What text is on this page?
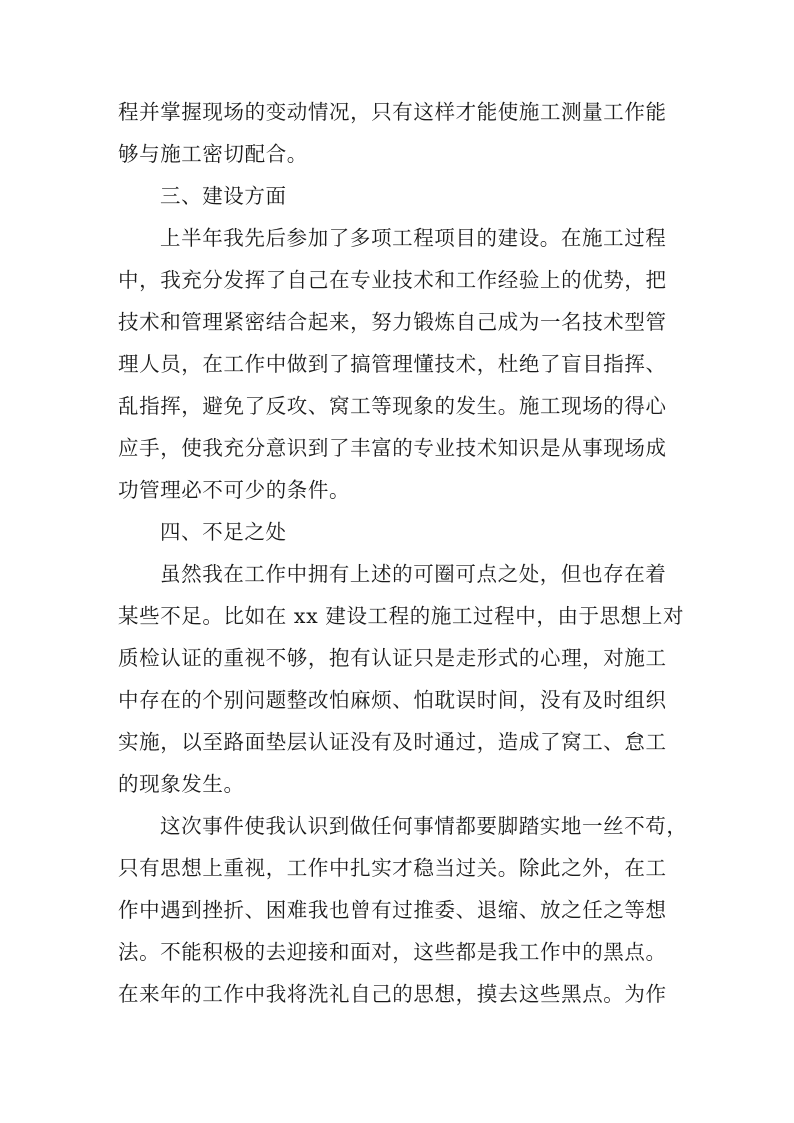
程并掌握现场的变动情况，只有这样才能使施工测量工作能
够与施工密切配合。
三、建设方面
上半年我先后参加了多项工程项目的建设。在施工过程
中，我充分发挥了自己在专业技术和工作经验上的优势，把
技术和管理紧密结合起来，努力锻炼自己成为一名技术型管
理人员，在工作中做到了搞管理懂技术，杜绝了盲目指挥、
乱指挥，避免了反攻、窝工等现象的发生。施工现场的得心
应手，使我充分意识到了丰富的专业技术知识是从事现场成
功管理必不可少的条件。
四、不足之处
虽然我在工作中拥有上述的可圈可点之处，但也存在着
某些不足。比如在 xx 建设工程的施工过程中，由于思想上对
质检认证的重视不够，抱有认证只是走形式的心理，对施工
中存在的个别问题整改怕麻烦、怕耽误时间，没有及时组织
实施，以至路面垫层认证没有及时通过，造成了窝工、怠工
的现象发生。
这次事件使我认识到做任何事情都要脚踏实地一丝不苟，
只有思想上重视，工作中扎实才稳当过关。除此之外，在工
作中遇到挫折、困难我也曾有过推委、退缩、放之任之等想
法。不能积极的去迎接和面对，这些都是我工作中的黑点。
在来年的工作中我将洗礼自己的思想，摸去这些黑点。为作
